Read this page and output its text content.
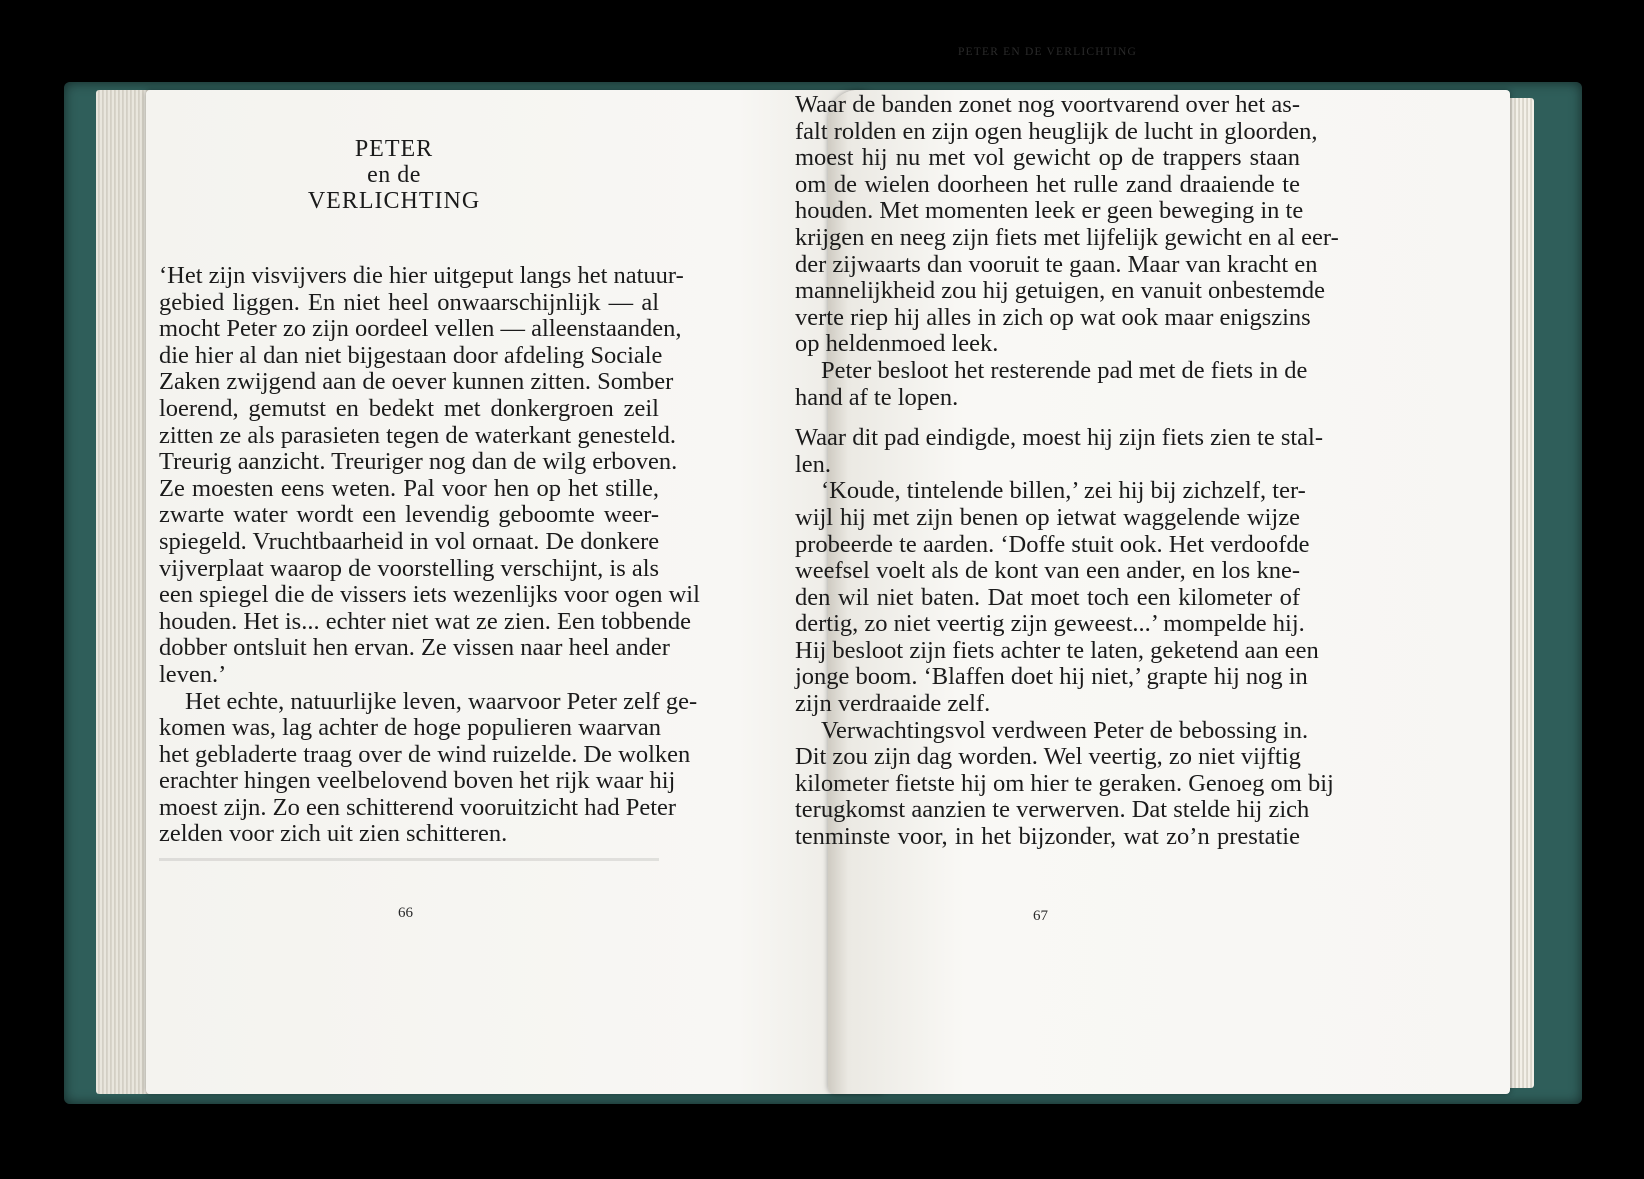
PETER
en de
VERLICHTING
‘Het zijn visvijvers die hier uitgeput langs het natuur-
gebied liggen. En niet heel onwaarschijnlijk — al
mocht Peter zo zijn oordeel vellen — alleenstaanden,
die hier al dan niet bijgestaan door afdeling Sociale
Zaken zwijgend aan de oever kunnen zitten. Somber
loerend, gemutst en bedekt met donkergroen zeil
zitten ze als parasieten tegen de waterkant genesteld.
Treurig aanzicht. Treuriger nog dan de wilg erboven.
Ze moesten eens weten. Pal voor hen op het stille,
zwarte water wordt een levendig geboomte weer-
spiegeld. Vruchtbaarheid in vol ornaat. De donkere
vijverplaat waarop de voorstelling verschijnt, is als
een spiegel die de vissers iets wezenlijks voor ogen wil
houden. Het is... echter niet wat ze zien. Een tobbende
dobber ontsluit hen ervan. Ze vissen naar heel ander
leven.’
Het echte, natuurlijke leven, waarvoor Peter zelf ge-
komen was, lag achter de hoge populieren waarvan
het gebladerte traag over de wind ruizelde. De wolken
erachter hingen veelbelovend boven het rijk waar hij
moest zijn. Zo een schitterend vooruitzicht had Peter
zelden voor zich uit zien schitteren.
66
PETER EN DE VERLICHTING
Waar de banden zonet nog voortvarend over het as-
falt rolden en zijn ogen heuglijk de lucht in gloorden,
moest hij nu met vol gewicht op de trappers staan
om de wielen doorheen het rulle zand draaiende te
houden. Met momenten leek er geen beweging in te
krijgen en neeg zijn fiets met lijfelijk gewicht en al eer-
der zijwaarts dan vooruit te gaan. Maar van kracht en
mannelijkheid zou hij getuigen, en vanuit onbestemde
verte riep hij alles in zich op wat ook maar enigszins
op heldenmoed leek.
Peter besloot het resterende pad met de fiets in de
hand af te lopen.
Waar dit pad eindigde, moest hij zijn fiets zien te stal-
len.
‘Koude, tintelende billen,’ zei hij bij zichzelf, ter-
wijl hij met zijn benen op ietwat waggelende wijze
probeerde te aarden. ‘Doffe stuit ook. Het verdoofde
weefsel voelt als de kont van een ander, en los kne-
den wil niet baten. Dat moet toch een kilometer of
dertig, zo niet veertig zijn geweest...’ mompelde hij.
Hij besloot zijn fiets achter te laten, geketend aan een
jonge boom. ‘Blaffen doet hij niet,’ grapte hij nog in
zijn verdraaide zelf.
Verwachtingsvol verdween Peter de bebossing in.
Dit zou zijn dag worden. Wel veertig, zo niet vijftig
kilometer fietste hij om hier te geraken. Genoeg om bij
terugkomst aanzien te verwerven. Dat stelde hij zich
tenminste voor, in het bijzonder, wat zo’n prestatie
67
